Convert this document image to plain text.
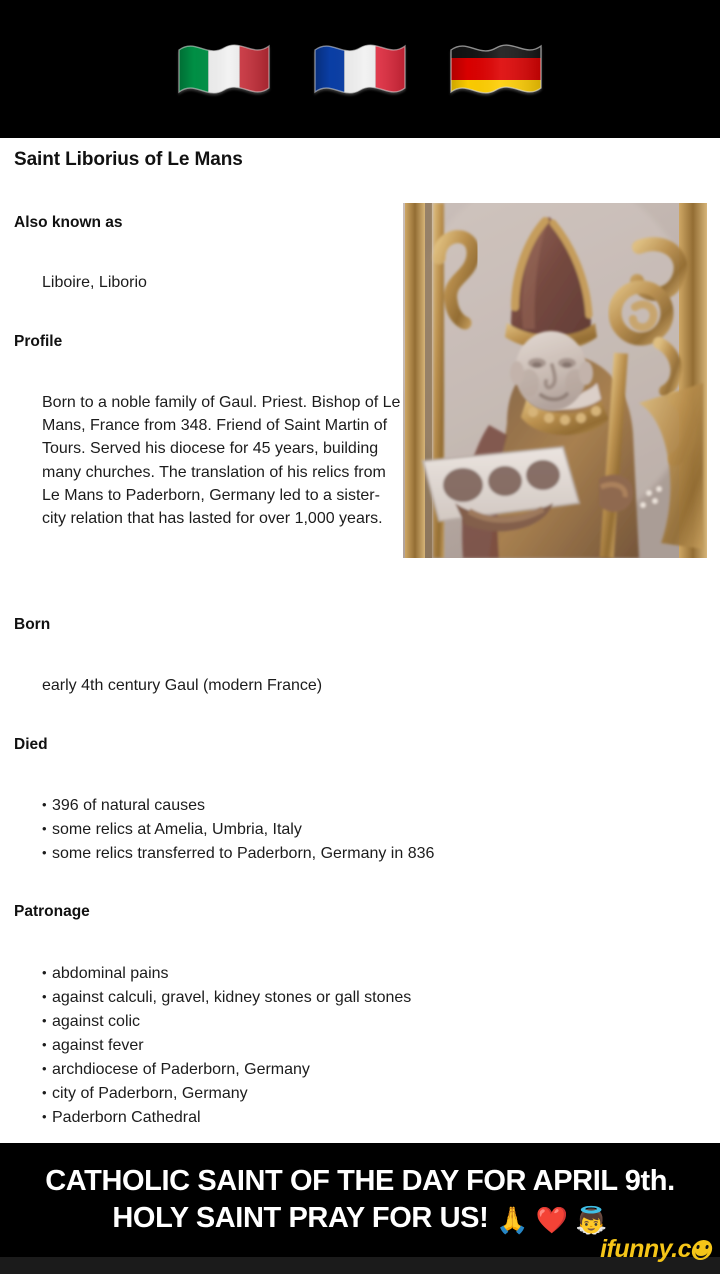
Saint Liborius of Le Mans
Also known as
Liboire, Liborio
Profile
Born to a noble family of Gaul. Priest. Bishop of Le Mans, France from 348. Friend of Saint Martin of Tours. Served his diocese for 45 years, building many churches. The translation of his relics from Le Mans to Paderborn, Germany led to a sister-city relation that has lasted for over 1,000 years.
Born
early 4th century Gaul (modern France)
Died
• 396 of natural causes
• some relics at Amelia, Umbria, Italy
• some relics transferred to Paderborn, Germany in 836
Patronage
• abdominal pains
• against calculi, gravel, kidney stones or gall stones
• against colic
• against fever
• archdiocese of Paderborn, Germany
• city of Paderborn, Germany
• Paderborn Cathedral
CATHOLIC SAINT OF THE DAY FOR APRIL 9th.
HOLY SAINT PRAY FOR US! 🙏 ❤️ 👼
ifunny.c
